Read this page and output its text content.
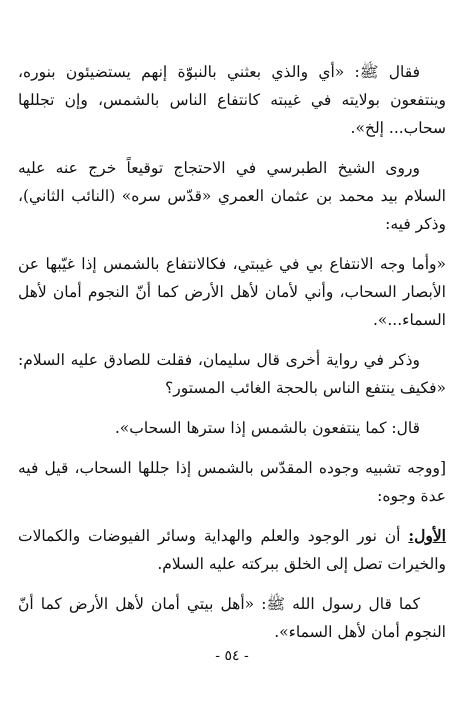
فقال ﷺ: «أي والذي بعثني بالنبوّة إنهم يستضيئون بنوره، وينتفعون بولايته في غيبته كانتفاع الناس بالشمس، وإن تجللها سحاب... إلخ».

وروى الشيخ الطبرسي في الاحتجاج توقيعاً خرج عنه عليه السلام بيد محمد بن عثمان العمري «قدّس سره» (النائب الثاني)، وذكر فيه:

«وأما وجه الانتفاع بي في غيبتي، فكالانتفاع بالشمس إذا غيّبها عن الأبصار السحاب، وأني لأمان لأهل الأرض كما أنّ النجوم أمان لأهل السماء...».

وذكر في رواية أخرى قال سليمان، فقلت للصادق عليه السلام: «فكيف ينتفع الناس بالحجة الغائب المستور؟

قال: كما ينتفعون بالشمس إذا سترها السحاب».

[ووجه تشبيه وجوده المقدّس بالشمس إذا جللها السحاب، قيل فيه عدة وجوه:

الأول: أن نور الوجود والعلم والهداية وسائر الفيوضات والكمالات والخيرات تصل إلى الخلق ببركته عليه السلام.

كما قال رسول الله ﷺ: «أهل بيتي أمان لأهل الأرض كما أنّ النجوم أمان لأهل السماء».

- ٥٤ -
